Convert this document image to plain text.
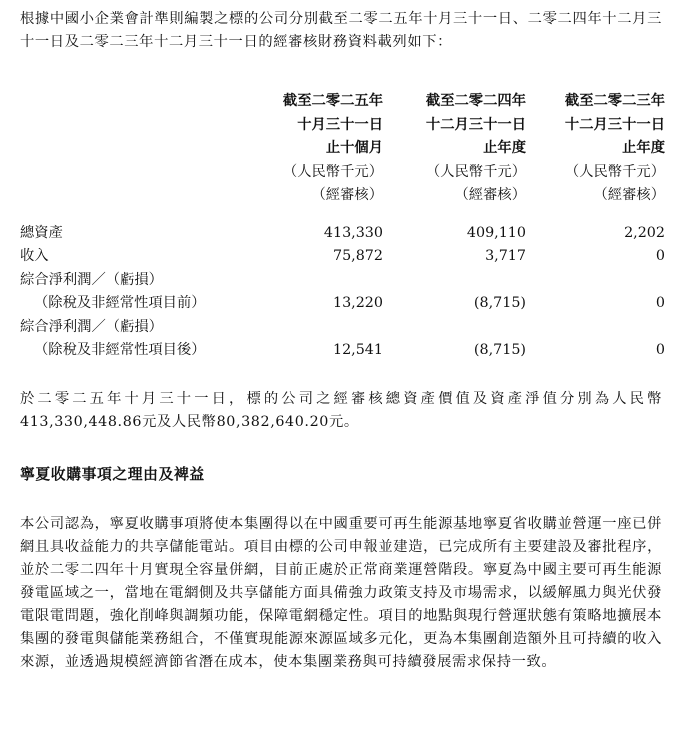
根據中國小企業會計準則編製之標的公司分別截至二零二五年十月三十一日、二零二四年十二月三十一日及二零二三年十二月三十一日的經審核財務資料載列如下：

	截至二零二五年
十月三十一日
止十個月
（人民幣千元）
（經審核）	截至二零二四年
十二月三十一日
止年度
（人民幣千元）
（經審核）	截至二零二三年
十二月三十一日
止年度
（人民幣千元）
（經審核）

總資產	413,330	409,110	2,202
收入	75,872	3,717	0
綜合淨利潤／（虧損）			
（除稅及非經常性項目前）	13,220	(8,715)	0
綜合淨利潤／（虧損）			
（除稅及非經常性項目後）	12,541	(8,715)	0

於二零二五年十月三十一日，標的公司之經審核總資產價值及資產淨值分別為人民幣413,330,448.86元及人民幣80,382,640.20元。

寧夏收購事項之理由及裨益

本公司認為，寧夏收購事項將使本集團得以在中國重要可再生能源基地寧夏省收購並營運一座已併網且具收益能力的共享儲能電站。項目由標的公司申報並建造，已完成所有主要建設及審批程序，並於二零二四年十月實現全容量併網，目前正處於正常商業運營階段。寧夏為中國主要可再生能源發電區域之一，當地在電網側及共享儲能方面具備強力政策支持及市場需求，以緩解風力與光伏發電限電問題，強化削峰與調頻功能，保障電網穩定性。項目的地點與現行營運狀態有策略地擴展本集團的發電與儲能業務組合，不僅實現能源來源區域多元化，更為本集團創造額外且可持續的收入來源，並透過規模經濟節省潛在成本，使本集團業務與可持續發展需求保持一致。
